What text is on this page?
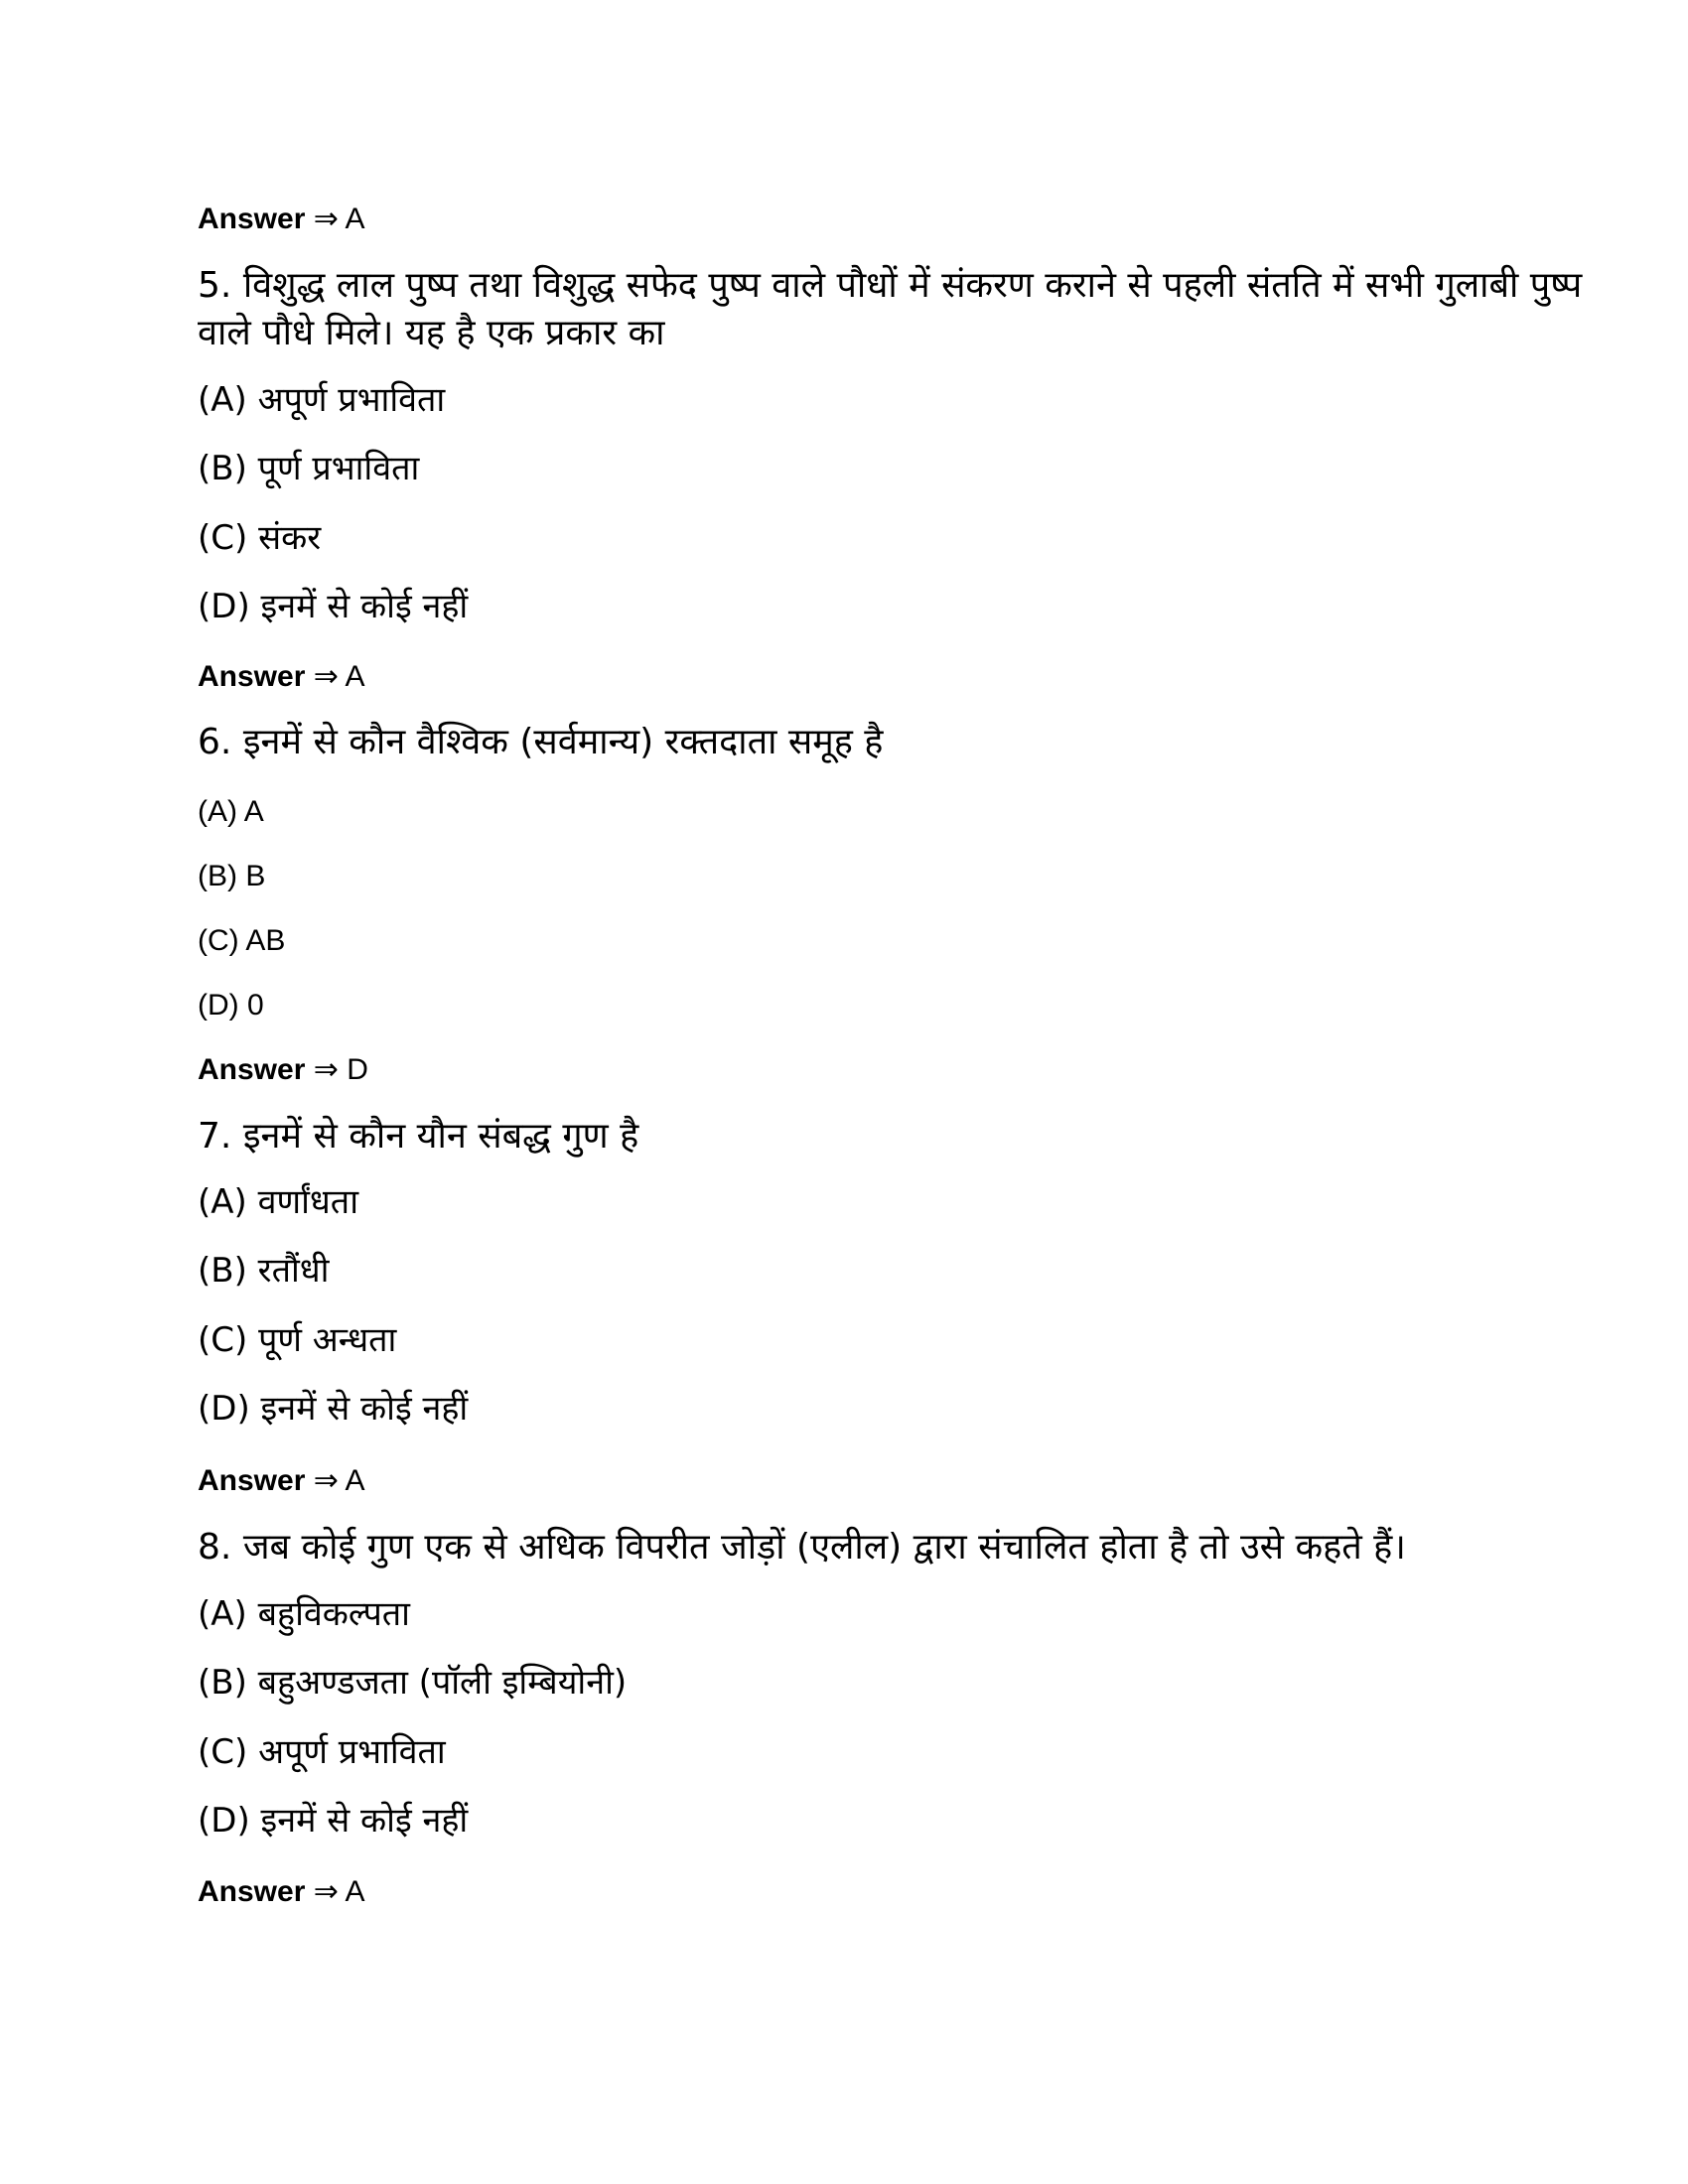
Answer ⇒ A
5. विशुद्ध लाल पुष्प तथा विशुद्ध सफेद पुष्प वाले पौधों में संकरण कराने से पहली संतति में सभी गुलाबी पुष्प
वाले पौधे मिले। यह है एक प्रकार का
(A) अपूर्ण प्रभाविता
(B) पूर्ण प्रभाविता
(C) संकर
(D) इनमें से कोई नहीं
Answer ⇒ A
6. इनमें से कौन वैश्विक (सर्वमान्य) रक्तदाता समूह है
(A) A
(B) B
(C) AB
(D) 0
Answer ⇒ D
7. इनमें से कौन यौन संबद्ध गुण है
(A) वर्णांधता
(B) रतौंधी
(C) पूर्ण अन्धता
(D) इनमें से कोई नहीं
Answer ⇒ A
8. जब कोई गुण एक से अधिक विपरीत जोड़ों (एलील) द्वारा संचालित होता है तो उसे कहते हैं।
(A) बहुविकल्पता
(B) बहुअण्डजता (पॉली इम्बियोनी)
(C) अपूर्ण प्रभाविता
(D) इनमें से कोई नहीं
Answer ⇒ A
